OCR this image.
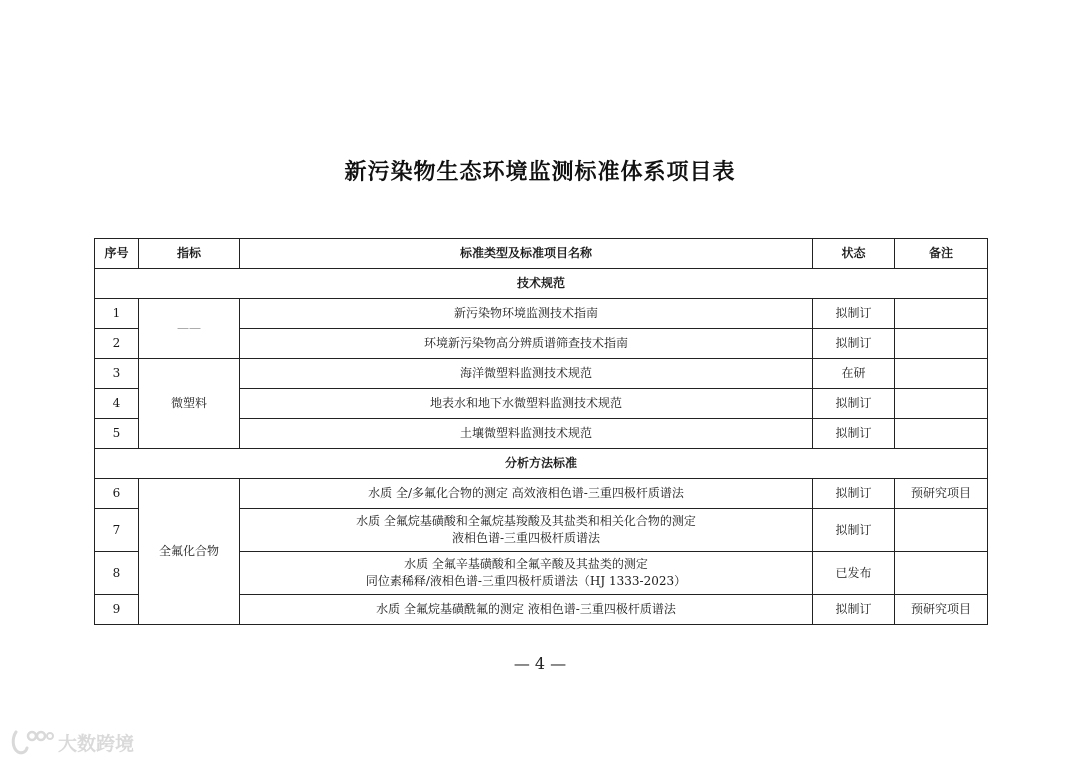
新污染物生态环境监测标准体系项目表
序号	指标	标准类型及标准项目名称	状态	备注
技术规范				
1	——	新污染物环境监测技术指南	拟制订	
2		环境新污染物高分辨质谱筛查技术指南	拟制订	
3	微塑料	海洋微塑料监测技术规范	在研	
4		地表水和地下水微塑料监测技术规范	拟制订	
5		土壤微塑料监测技术规范	拟制订	
分析方法标准				
6	全氟化合物	水质 全/多氟化合物的测定 高效液相色谱-三重四极杆质谱法	拟制订	预研究项目
7		水质 全氟烷基磺酸和全氟烷基羧酸及其盐类和相关化合物的测定
液相色谱-三重四极杆质谱法	拟制订	
8		水质 全氟辛基磺酸和全氟辛酸及其盐类的测定
同位素稀释/液相色谱-三重四极杆质谱法（HJ 1333-2023）	已发布	
9		水质 全氟烷基磺酰氟的测定 液相色谱-三重四极杆质谱法	拟制订	预研究项目
— 4 —
大数跨境
